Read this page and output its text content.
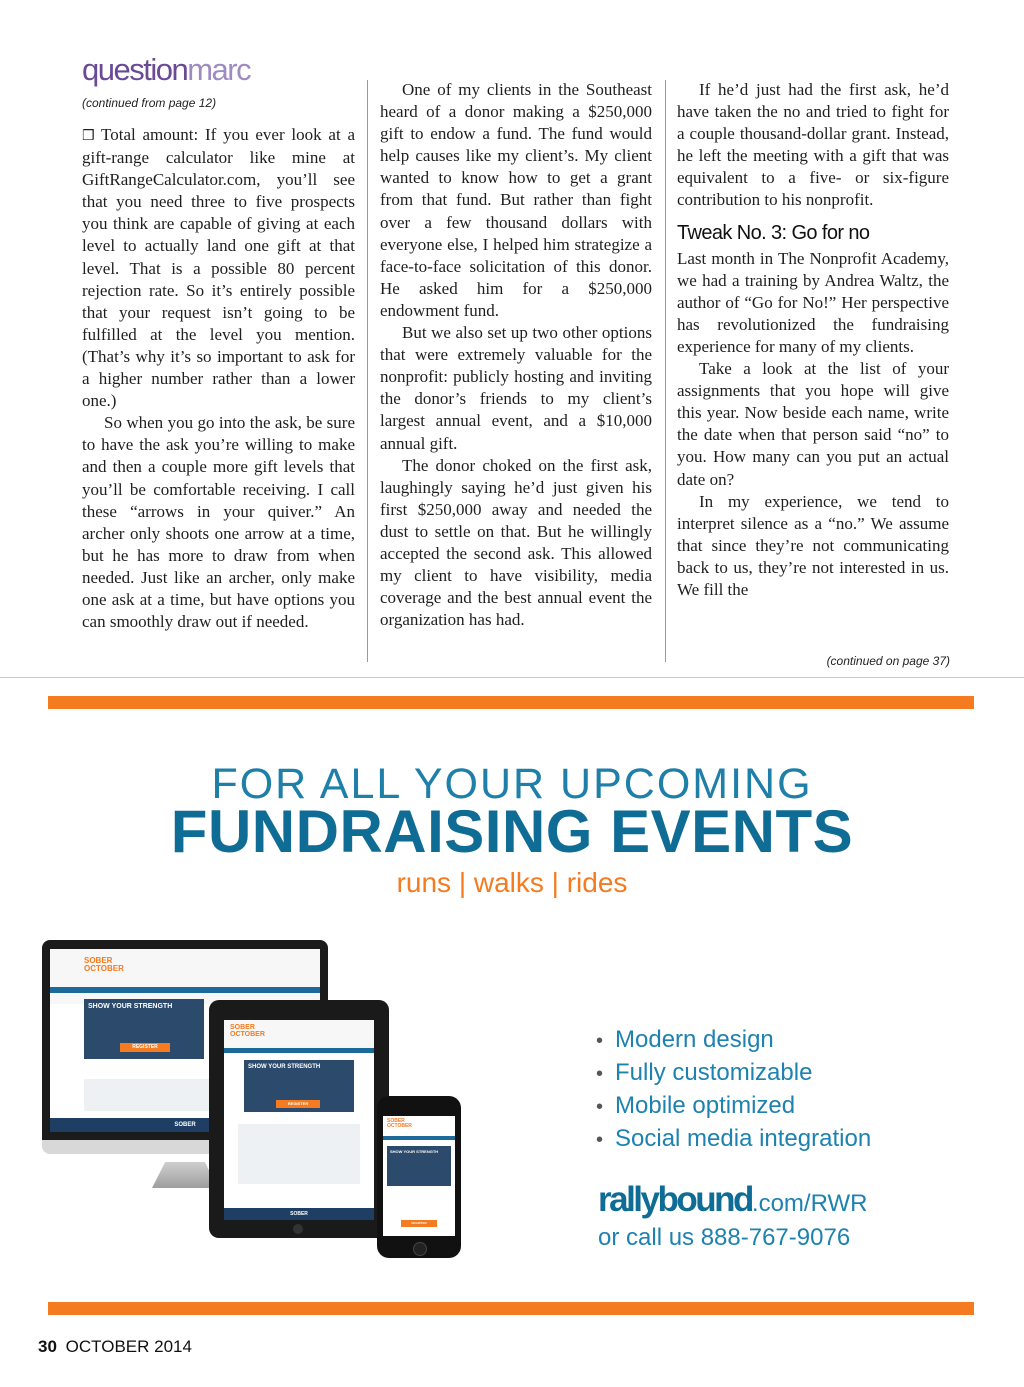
questionmarc
(continued from page 12)

❒ Total amount: If you ever look at a gift-range calculator like mine at GiftRangeCalculator.com, you’ll see that you need three to five prospects you think are capable of giving at each level to actually land one gift at that level. That is a possible 80 percent rejection rate. So it’s entirely possible that your request isn’t going to be fulfilled at the level you mention. (That’s why it’s so important to ask for a higher number rather than a lower one.)

So when you go into the ask, be sure to have the ask you’re willing to make and then a couple more gift levels that you’ll be comfortable receiving. I call these “arrows in your quiver.” An archer only shoots one arrow at a time, but he has more to draw from when needed. Just like an archer, only make one ask at a time, but have options you can smoothly draw out if needed.

One of my clients in the Southeast heard of a donor making a $250,000 gift to endow a fund. The fund would help causes like my client’s. My client wanted to know how to get a grant from that fund. But rather than fight over a few thousand dollars with everyone else, I helped him strategize a face-to-face solicitation of this donor. He asked him for a $250,000 endowment fund.

But we also set up two other options that were extremely valuable for the nonprofit: publicly hosting and inviting the donor’s friends to my client’s largest annual event, and a $10,000 annual gift.

The donor choked on the first ask, laughingly saying he’d just given his first $250,000 away and needed the dust to settle on that. But he willingly accepted the second ask. This allowed my client to have visibility, media coverage and the best annual event the organization has had.

If he’d just had the first ask, he’d have taken the no and tried to fight for a couple thousand-dollar grant. Instead, he left the meeting with a gift that was equivalent to a five- or six-figure contribution to his nonprofit.

Tweak No. 3: Go for no

Last month in The Nonprofit Academy, we had a training by Andrea Waltz, the author of “Go for No!” Her perspective has revolutionized the fundraising experience for many of my clients.

Take a look at the list of your assignments that you hope will give this year. Now beside each name, write the date when that person said “no” to you. How many can you put an actual date on?

In my experience, we tend to interpret silence as a “no.” We assume that since they’re not communicating back to us, they’re not interested in us. We fill the

(continued on page 37)
FOR ALL YOUR UPCOMING
FUNDRAISING EVENTS
runs | walks | rides
SOBER
OCTOBER
SHOW YOUR STRENGTH
REGISTER
SOBER
SOBER
OCTOBER
SHOW YOUR STRENGTH
REGISTER
SOBER
SOBER
OCTOBER
SHOW YOUR STRENGTH
REGISTER
• Modern design
• Fully customizable
• Mobile optimized
• Social media integration
rallybound.com/RWR
or call us 888-767-9076
30 OCTOBER 2014
